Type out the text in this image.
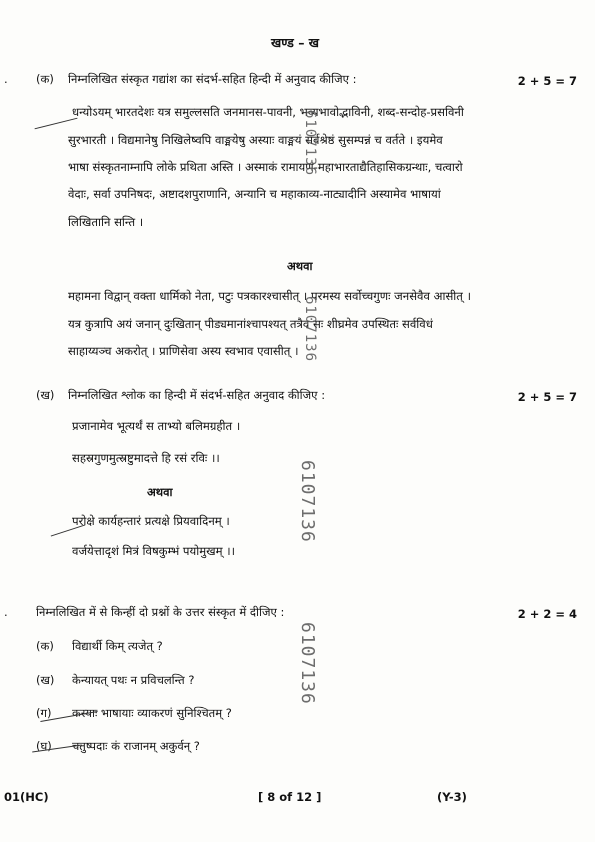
खण्ड – ख
. (क) निम्नलिखित संस्कृत गद्यांश का संदर्भ-सहित हिन्दी में अनुवाद कीजिए :	2 + 5 = 7
धन्योऽयम् भारतदेशः यत्र समुल्लसति जनमानस-पावनी, भव्यभावोद्भाविनी, शब्द-सन्दोह-प्रसविनी
सुरभारती । विद्यमानेषु निखिलेष्वपि वाङ्मयेषु अस्याः वाङ्मयं सर्वश्रेष्ठं सुसम्पन्नं च वर्तते । इयमेव
भाषा संस्कृतनाम्नापि लोके प्रथिता अस्ति । अस्माकं रामायण-महाभारताद्यैतिहासिकग्रन्थाः, चत्वारो
वेदाः, सर्वा उपनिषदः, अष्टादशपुराणानि, अन्यानि च महाकाव्य-नाट्यादीनि अस्यामेव भाषायां
लिखितानि सन्ति ।
अथवा
महामना विद्वान् वक्ता धार्मिको नेता, पटुः पत्रकारश्चासीत् । परमस्य सर्वोच्चगुणः जनसेवैव आसीत् ।
यत्र कुत्रापि अयं जनान् दुःखितान् पीड्यमानांश्चापश्यत् तत्रैव सः शीघ्रमेव उपस्थितः सर्वविधं
साहाय्यञ्च अकरोत् । प्राणिसेवा अस्य स्वभाव एवासीत् ।
(ख) निम्नलिखित श्लोक का हिन्दी में संदर्भ-सहित अनुवाद कीजिए :	2 + 5 = 7
प्रजानामेव भूत्यर्थं स ताभ्यो बलिमग्रहीत ।
सहस्रगुणमुत्स्रष्टुमादत्ते हि रसं रविः ।।
अथवा
परोक्षे कार्यहन्तारं प्रत्यक्षे प्रियवादिनम् ।
वर्जयेत्तादृशं मित्रं विषकुम्भं पयोमुखम् ।।
. निम्नलिखित में से किन्हीं दो प्रश्नों के उत्तर संस्कृत में दीजिए :	2 + 2 = 4
(क) विद्यार्थी किम् त्यजेत् ?
(ख) केन्यायत् पथः न प्रविचलन्ति ?
(ग) कस्याः भाषायाः व्याकरणं सुनिश्चितम् ?
(घ) चतुष्पदाः कं राजानम् अकुर्वन् ?
6107136
6107136
6107136
6107136
01(HC)	[ 8 of 12 ]	(Y-3)
